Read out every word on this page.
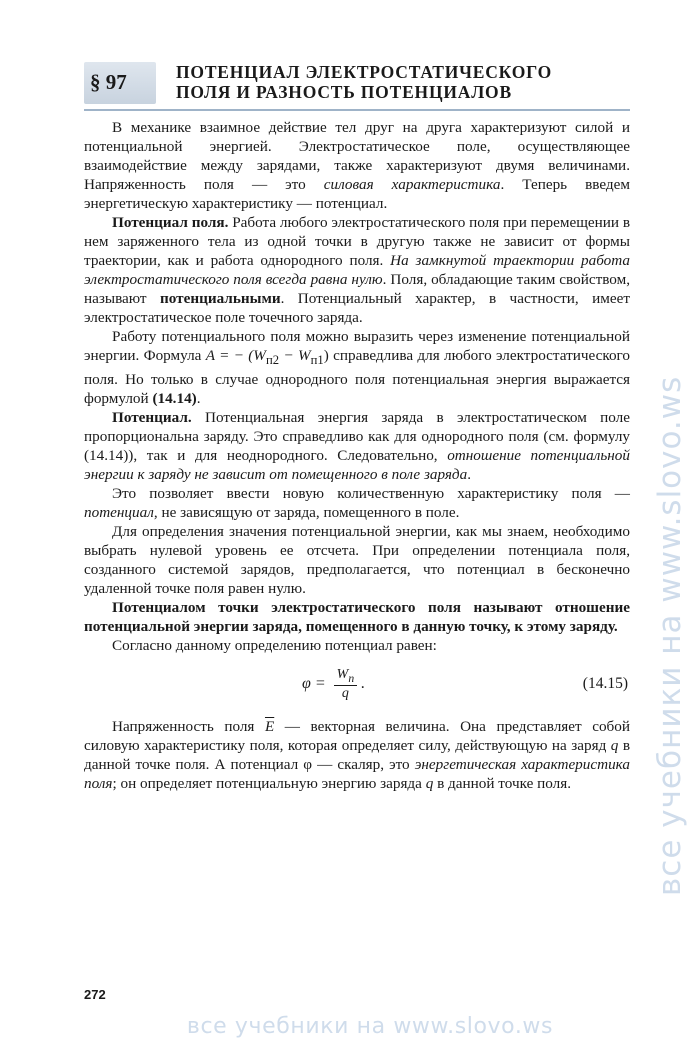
§ 97	ПОТЕНЦИАЛ ЭЛЕКТРОСТАТИЧЕСКОГО
ПОЛЯ И РАЗНОСТЬ ПОТЕНЦИАЛОВ

В механике взаимное действие тел друг на друга характеризуют силой и потенциальной энергией. Электростатическое поле, осуществляющее взаимодействие между зарядами, также характеризуют двумя величинами. Напряженность поля — это силовая характеристика. Теперь введем энергетическую характеристику — потенциал.

Потенциал поля. Работа любого электростатического поля при перемещении в нем заряженного тела из одной точки в другую также не зависит от формы траектории, как и работа однородного поля. На замкнутой траектории работа электростатического поля всегда равна нулю. Поля, обладающие таким свойством, называют потенциальными. Потенциальный характер, в частности, имеет электростатическое поле точечного заряда.

Работу потенциального поля можно выразить через изменение потенциальной энергии. Формула A = − $(W_{п2} - W_{п1})$ справедлива для любого электростатического поля. Но только в случае однородного поля потенциальная энергия выражается формулой (14.14).

Потенциал. Потенциальная энергия заряда в электростатическом поле пропорциональна заряду. Это справедливо как для однородного поля (см. формулу (14.14)), так и для неоднородного. Следовательно, отношение потенциальной энергии к заряду не зависит от помещенного в поле заряда.

Это позволяет ввести новую количественную характеристику поля — потенциал, не зависящую от заряда, помещенного в поле.

Для определения значения потенциальной энергии, как мы знаем, необходимо выбрать нулевой уровень ее отсчета. При определении потенциала поля, созданного системой зарядов, предполагается, что потенциал в бесконечно удаленной точке поля равен нулю.

Потенциалом точки электростатического поля называют отношение потенциальной энергии заряда, помещенного в данную точку, к этому заряду.

Согласно данному определению потенциал равен:

$\varphi = \frac{W_п}{q}$ .	(14.15)

Напряженность поля $\overline{E}$ — векторная величина. Она представляет собой силовую характеристику поля, которая определяет силу, действующую на заряд q в данной точке поля. А потенциал φ — скаляр, это энергетическая характеристика поля; он определяет потенциальную энергию заряда q в данной точке поля.

272
все учебники на www.slovo.ws
все учебники на www.slovo.ws
